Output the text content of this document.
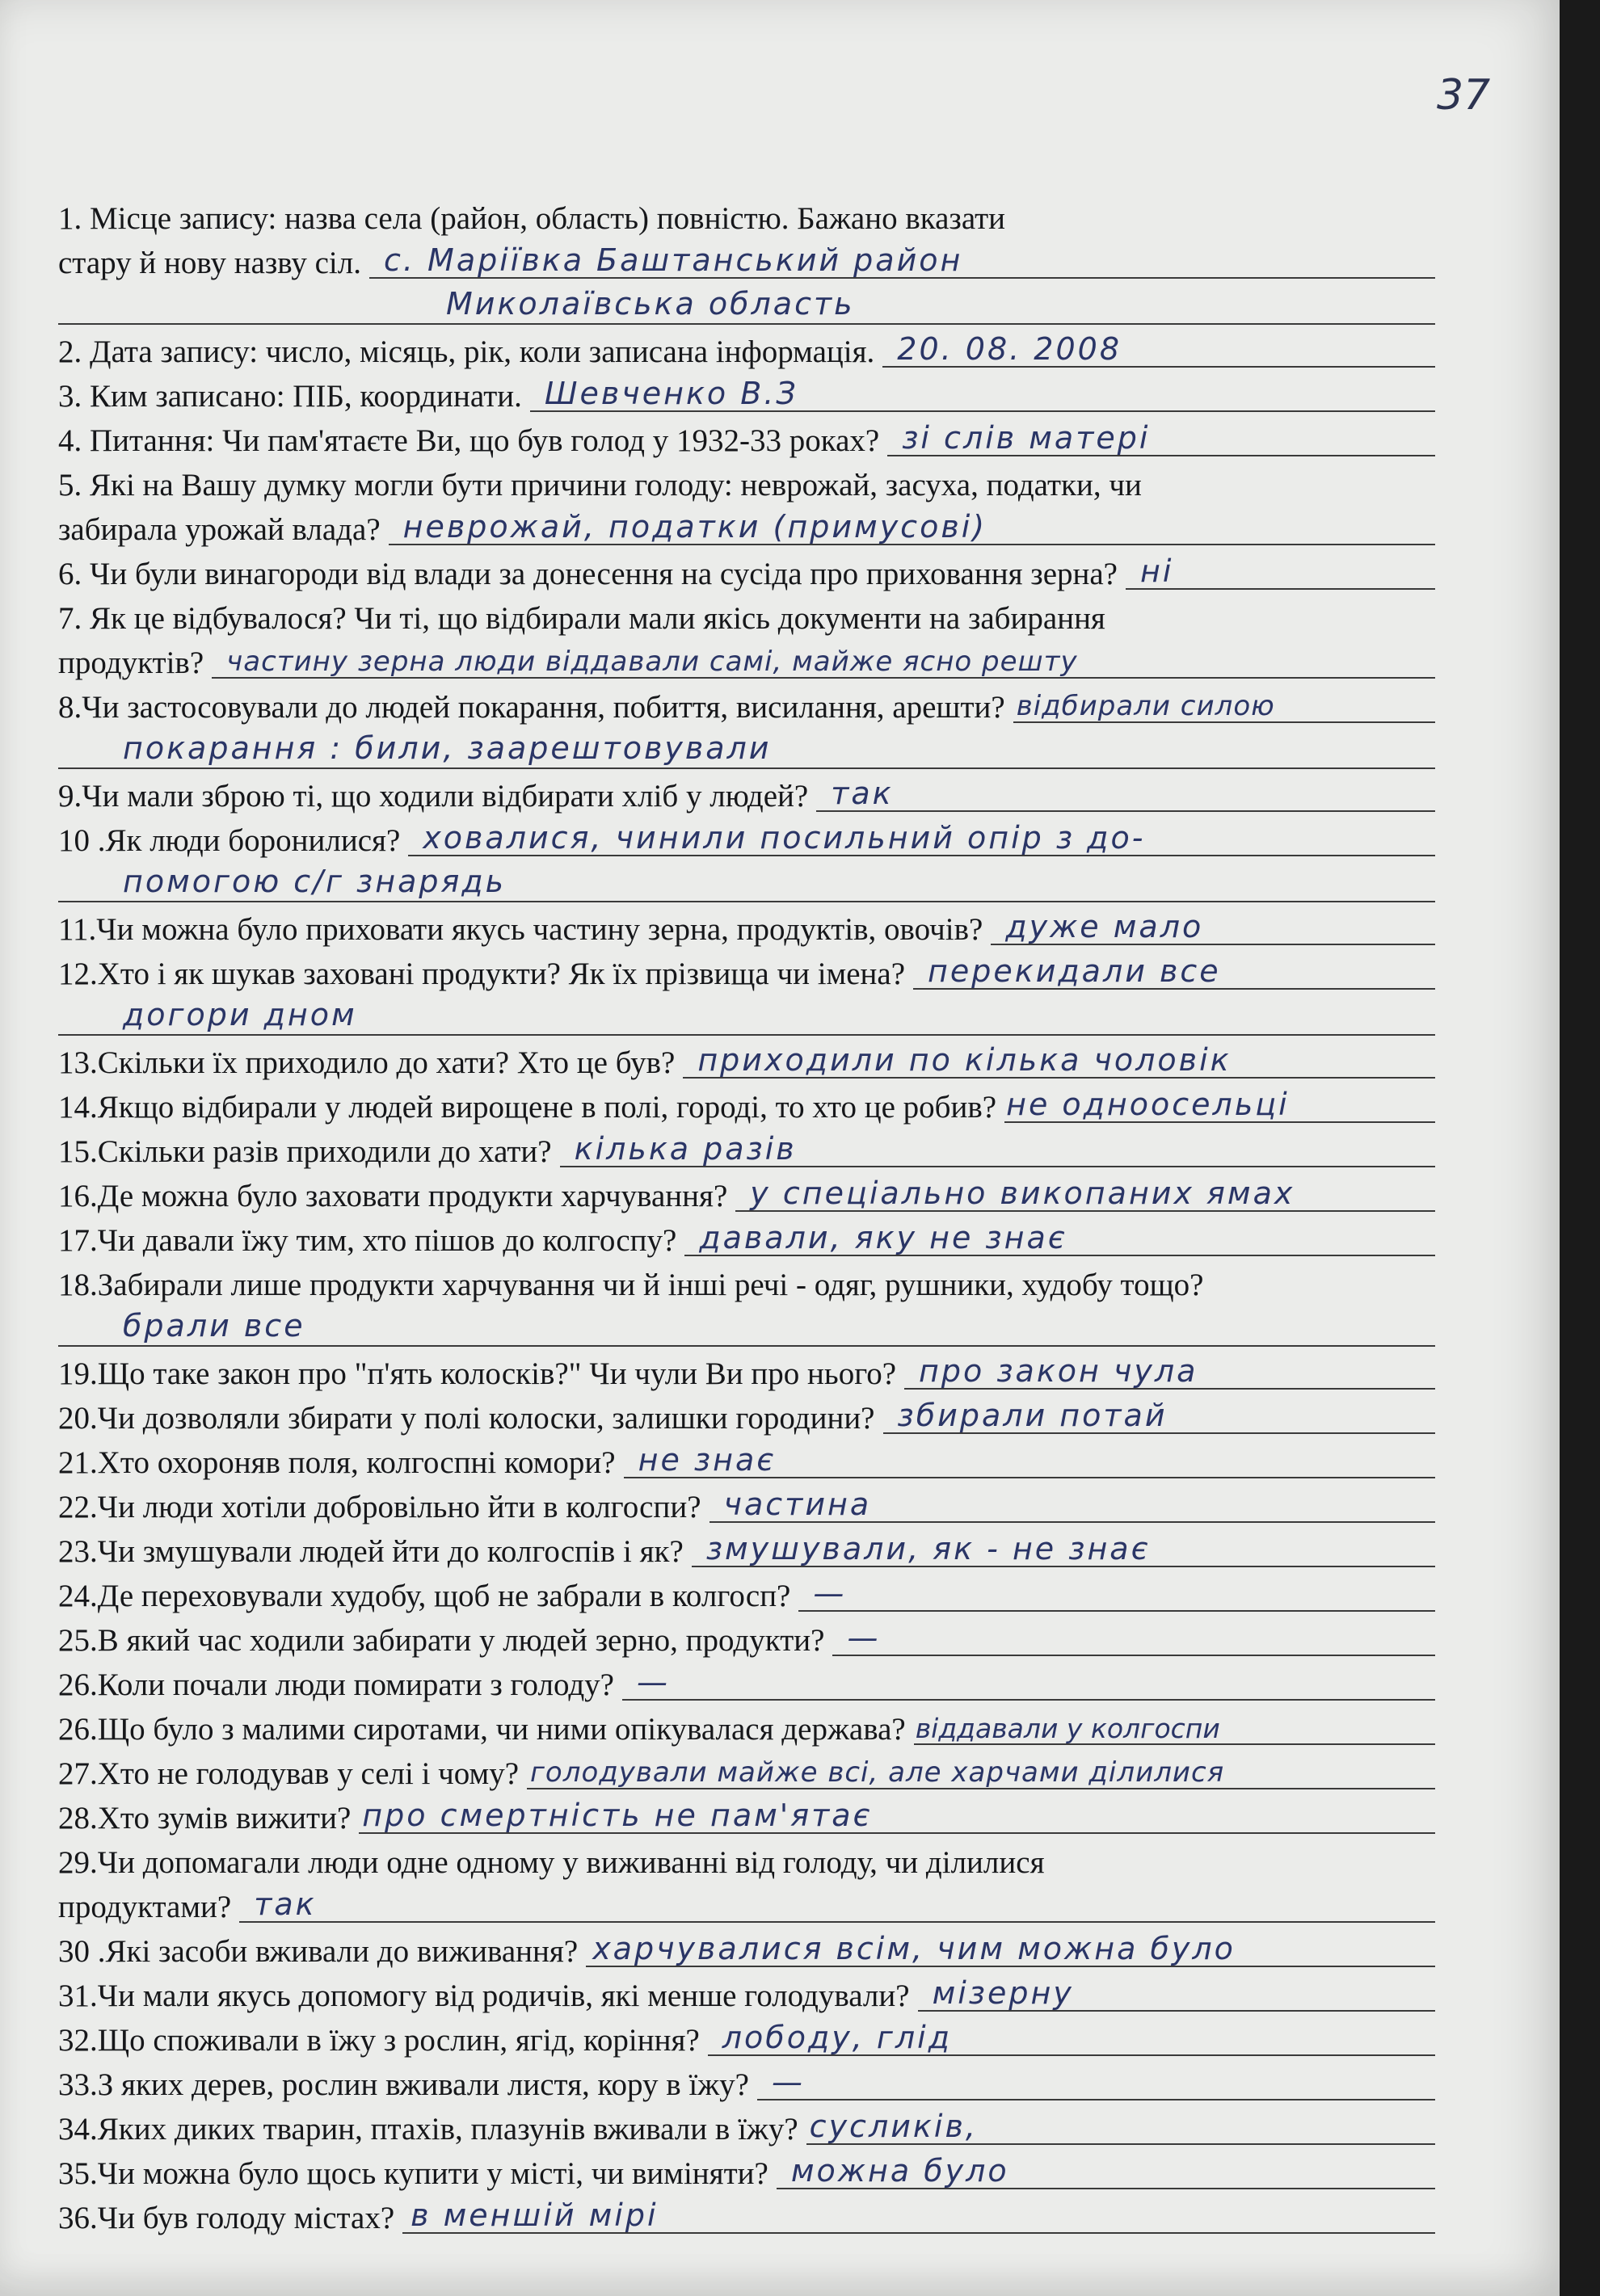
37
1. Місце запису: назва села (район, область) повністю. Бажано вказати
стару й нову назву сіл. с. Маріївка Баштанський район
Миколаївська область
2. Дата запису: число, місяць, рік, коли записана інформація. 20. 08. 2008
3. Ким записано: ПІБ, координати. Шевченко В.З
4. Питання: Чи пам'ятаєте Ви, що був голод у 1932-33 роках? зі слів матері
5. Які на Вашу думку могли бути причини голоду: неврожай, засуха, податки, чи
забирала урожай влада? неврожай, податки (примусові)
6. Чи були винагороди від влади за донесення на сусіда про приховання зерна? ні
7. Як це відбувалося? Чи ті, що відбирали мали якісь документи на забирання
продуктів? частину зерна люди віддавали самі, майже ясно решту
8.Чи застосовували до людей покарання, побиття, висилання, арешти? відбирали силою
покарання : били, заарештовували
9.Чи мали зброю ті, що ходили відбирати хліб у людей? так
10 .Як люди боронилися? ховалися, чинили посильний опір з до-
помогою с/г знарядь
11.Чи можна було приховати якусь частину зерна, продуктів, овочів? дуже мало
12.Хто і як шукав заховані продукти? Як їх прізвища чи імена? перекидали все
догори дном
13.Скільки їх приходило до хати? Хто це був? приходили по кілька чоловік
14.Якщо відбирали у людей вирощене в полі, городі, то хто це робив? не одноосельці
15.Скільки разів приходили до хати? кілька разів
16.Де можна було заховати продукти харчування? у спеціально викопаних ямах
17.Чи давали їжу тим, хто пішов до колгоспу? давали, яку не знає
18.Забирали лише продукти харчування чи й інші речі - одяг, рушники, худобу тощо?
брали все
19.Що таке закон про "п'ять колосків?" Чи чули Ви про нього? про закон чула
20.Чи дозволяли збирати у полі колоски, залишки городини? збирали потай
21.Хто охороняв поля, колгоспні комори? не знає
22.Чи люди хотіли добровільно йти в колгоспи? частина
23.Чи змушували людей йти до колгоспів і як? змушували, як - не знає
24.Де переховували худобу, щоб не забрали в колгосп? —
25.В який час ходили забирати у людей зерно, продукти? —
26.Коли почали люди помирати з голоду? —
26.Що було з малими сиротами, чи ними опікувалася держава? віддавали у колгоспи
27.Хто не голодував у селі і чому? голодували майже всі, але харчами ділилися
28.Хто зумів вижити? про смертність не пам'ятає
29.Чи допомагали люди одне одному у виживанні від голоду, чи ділилися
продуктами? так
30 .Які засоби вживали до виживання? харчувалися всім, чим можна було
31.Чи мали якусь допомогу від родичів, які менше голодували? мізерну
32.Що споживали в їжу з рослин, ягід, коріння? лободу, глід
33.З яких дерев, рослин вживали листя, кору в їжу? —
34.Яких диких тварин, птахів, плазунів вживали в їжу? сусликів,
35.Чи можна було щось купити у місті, чи виміняти? можна було
36.Чи був голоду містах? в меншій мірі
